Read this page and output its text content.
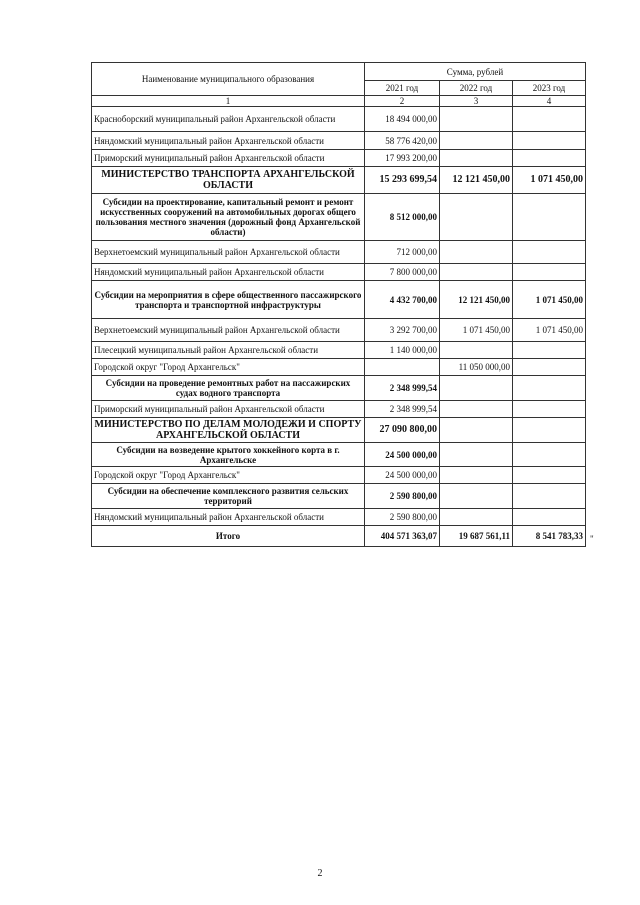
Наименование муниципального образования	Сумма, рублей		
	2021 год	2022 год	2023 год
1	2	3	4
Красноборский муниципальный район Архангельской области	18 494 000,00		
Няндомский муниципальный район Архангельской области	58 776 420,00		
Приморский муниципальный район Архангельской области	17 993 200,00		
МИНИСТЕРСТВО ТРАНСПОРТА АРХАНГЕЛЬСКОЙ ОБЛАСТИ	15 293 699,54	12 121 450,00	1 071 450,00
Субсидии на проектирование, капитальный ремонт и ремонт искусственных сооружений на автомобильных дорогах общего пользования местного значения (дорожный фонд Архангельской области)	8 512 000,00		
Верхнетоемский муниципальный район Архангельской области	712 000,00		
Няндомский муниципальный район Архангельской области	7 800 000,00		
Субсидии на мероприятия в сфере общественного пассажирского транспорта и транспортной инфраструктуры	4 432 700,00	12 121 450,00	1 071 450,00
Верхнетоемский муниципальный район Архангельской области	3 292 700,00	1 071 450,00	1 071 450,00
Плесецкий муниципальный район Архангельской области	1 140 000,00		
Городской округ "Город Архангельск"		11 050 000,00	
Субсидии на проведение ремонтных работ на пассажирских судах водного транспорта	2 348 999,54		
Приморский муниципальный район Архангельской области	2 348 999,54		
МИНИСТЕРСТВО ПО ДЕЛАМ МОЛОДЕЖИ И СПОРТУ АРХАНГЕЛЬСКОЙ ОБЛАСТИ	27 090 800,00		
Субсидии на возведение крытого хоккейного корта в г. Архангельске	24 500 000,00		
Городской округ "Город Архангельск"	24 500 000,00		
Субсидии на обеспечение комплексного развития сельских территорий	2 590 800,00		
Няндомский муниципальный район Архангельской области	2 590 800,00		
Итого	404 571 363,07	19 687 561,11	8 541 783,33 "
2
